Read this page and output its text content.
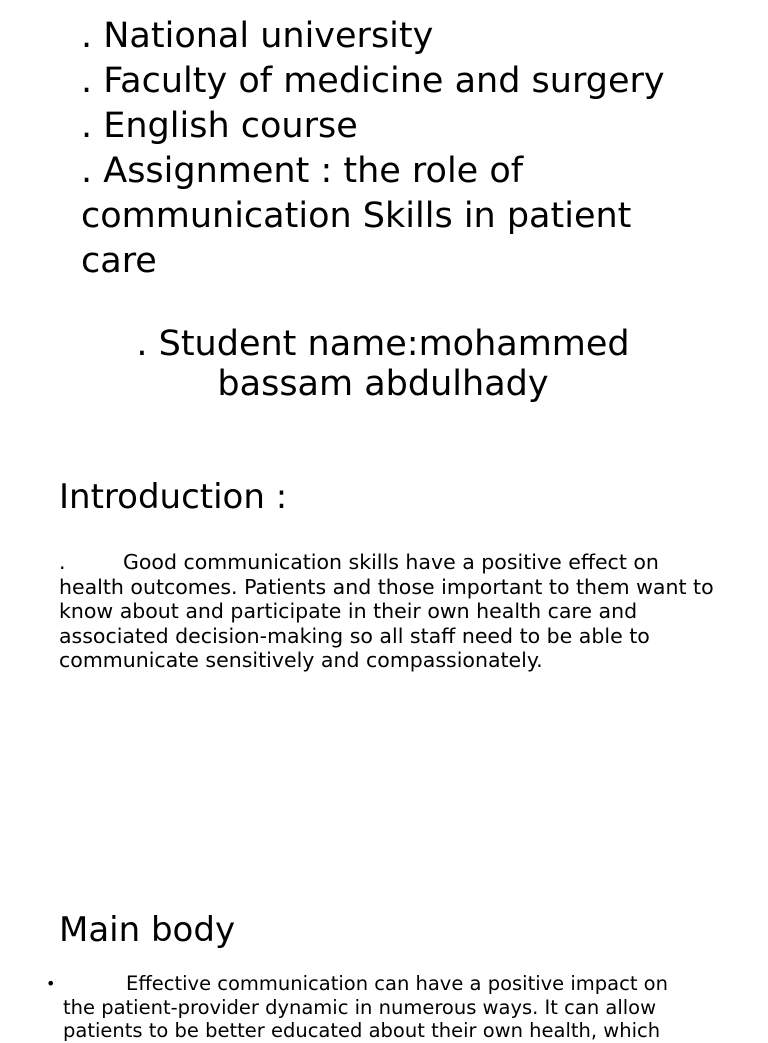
. National university
. Faculty of medicine and surgery
. English course
. Assignment : the role of communication Skills in patient care
. Student name:mohammed
bassam abdulhady
Introduction :
.	Good communication skills have a positive effect on health outcomes. Patients and those important to them want to know about and participate in their own health care and associated decision-making so all staff need to be able to communicate sensitively and compassionately.
Main body
•	Effective communication can have a positive impact on the patient-provider dynamic in numerous ways. It can allow patients to be better educated about their own health, which
